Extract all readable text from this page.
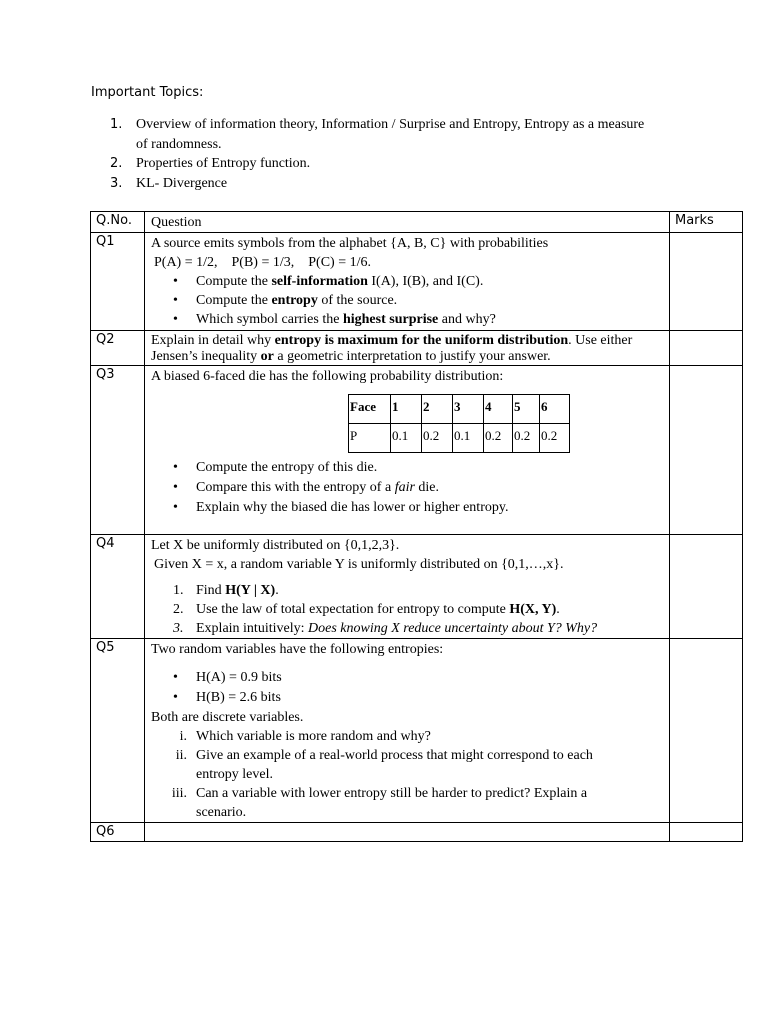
Important Topics:
1. Overview of information theory, Information / Surprise and Entropy, Entropy as a measure of randomness.
2. Properties of Entropy function.
3. KL- Divergence
Q.No.	Question	Marks
Q1	A source emits symbols from the alphabet {A, B, C} with probabilities
P(A) = 1/2,    P(B) = 1/3,    P(C) = 1/6.
• Compute the self-information I(A), I(B), and I(C).
• Compute the entropy of the source.
• Which symbol carries the highest surprise and why?

Q2	Explain in detail why entropy is maximum for the uniform distribution. Use either Jensen’s inequality or a geometric interpretation to justify your answer.	
Q3	A biased 6-faced die has the following probability distribution:
Face	1	2	3	4	5	6
P	0.1	0.2	0.1	0.2	0.2	0.2
• Compute the entropy of this die.
• Compare this with the entropy of a fair die.
• Explain why the biased die has lower or higher entropy.

Q4	Let X be uniformly distributed on {0,1,2,3}.
Given X = x, a random variable Y is uniformly distributed on {0,1,…,x}.
1. Find H(Y | X).
2. Use the law of total expectation for entropy to compute H(X, Y).
3. Explain intuitively: Does knowing X reduce uncertainty about Y? Why?

Q5	Two random variables have the following entropies:
• H(A) = 0.9 bits
• H(B) = 2.6 bits
Both are discrete variables.
i. Which variable is more random and why?
ii. Give an example of a real-world process that might correspond to each entropy level.
iii. Can a variable with lower entropy still be harder to predict? Explain a scenario.

Q6		
